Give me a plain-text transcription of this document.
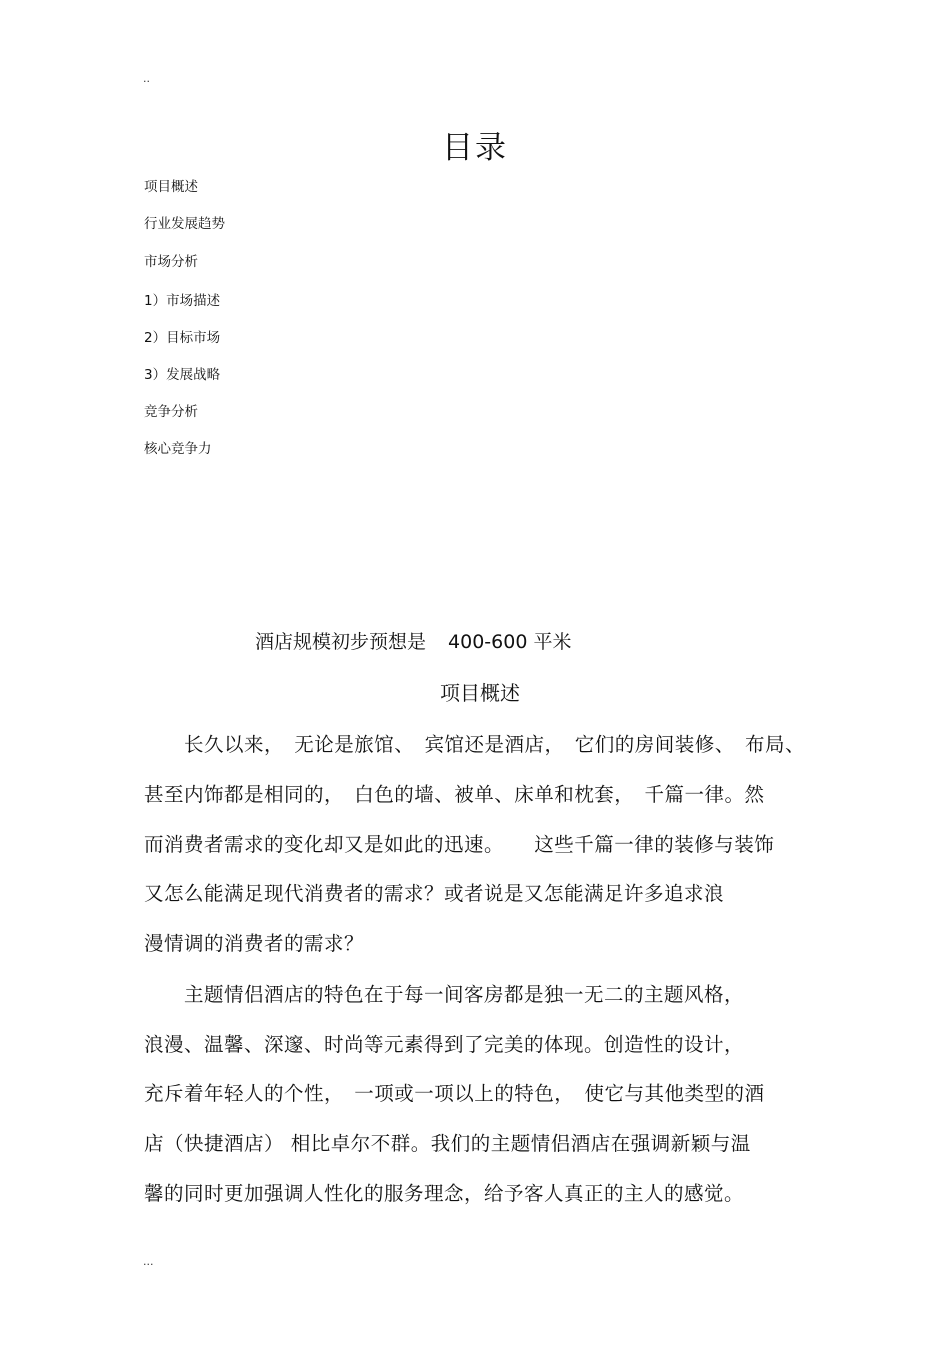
..
目录
项目概述
行业发展趋势
市场分析
1）市场描述
2）目标市场
3）发展战略
竞争分析
核心竞争力
酒店规模初步预想是 400-600 平米
项目概述
　　长久以来，　无论是旅馆、　宾馆还是酒店，　它们的房间装修、　布局、
甚至内饰都是相同的，　白色的墙、被单、床单和枕套，　千篇一律。然
而消费者需求的变化却又是如此的迅速。　　这些千篇一律的装修与装饰
又怎么能满足现代消费者的需求？或者说是又怎能满足许多追求浪
漫情调的消费者的需求？
　　主题情侣酒店的特色在于每一间客房都是独一无二的主题风格，
浪漫、温馨、深邃、时尚等元素得到了完美的体现。创造性的设计，
充斥着年轻人的个性，　一项或一项以上的特色，　使它与其他类型的酒
店（快捷酒店） 相比卓尔不群。我们的主题情侣酒店在强调新颖与温
馨的同时更加强调人性化的服务理念，给予客人真正的主人的感觉。
...
